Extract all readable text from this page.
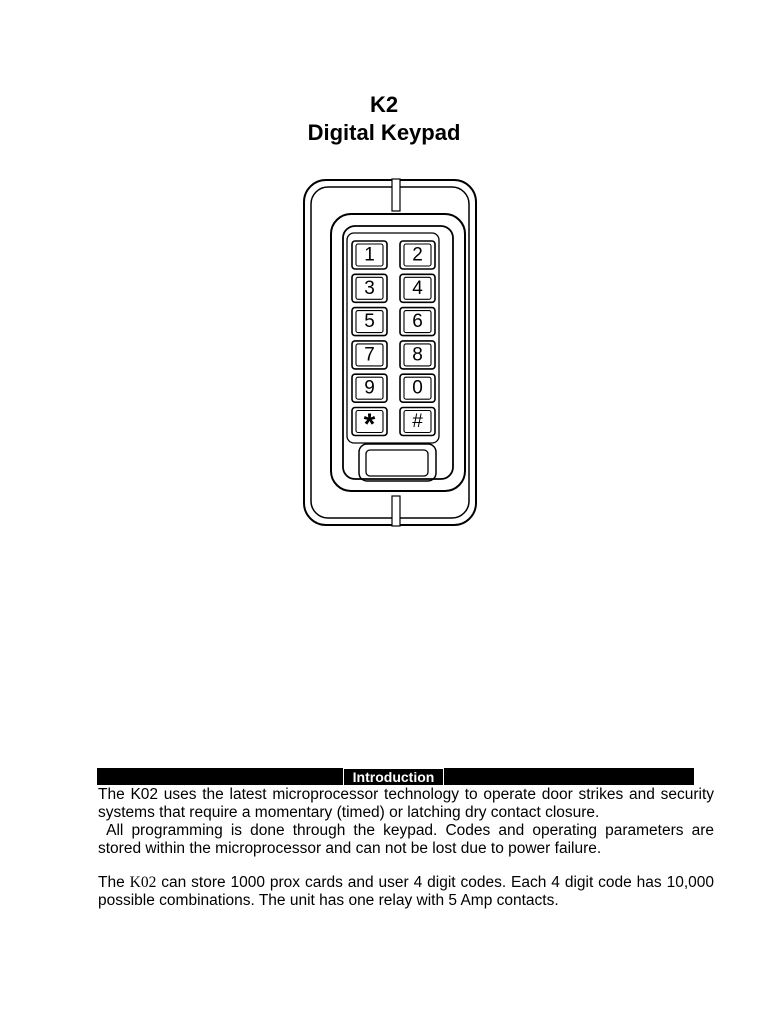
K2
Digital Keypad
1 2
3 4
5 6
7 8
9 0
* #
Introduction

The K02 uses the latest microprocessor technology to operate door strikes and security systems that require a momentary (timed) or latching dry contact closure.

All programming is done through the keypad. Codes and operating parameters are stored within the microprocessor and can not be lost due to power failure.

The K02 can store 1000 prox cards and user 4 digit codes. Each 4 digit code has 10,000 possible combinations. The unit has one relay with 5 Amp contacts.
